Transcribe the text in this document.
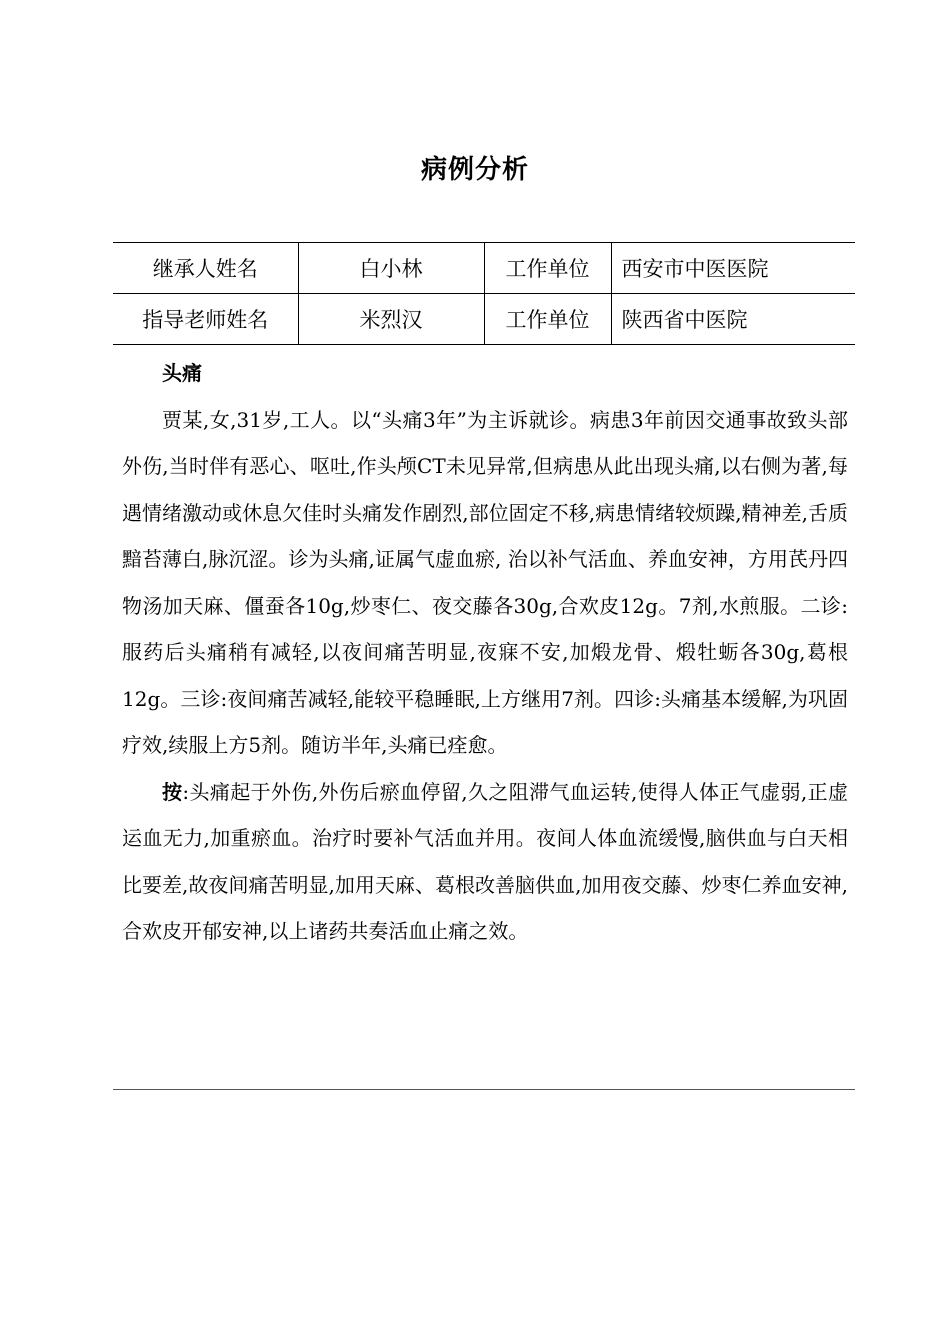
病例分析
继承人姓名	白小林	工作单位	西安市中医医院
指导老师姓名	米烈汉	工作单位	陕西省中医院

头痛

贾某,女,31岁,工人。以“头痛3年”为主诉就诊。病患3年前因交通事故致头部外伤,当时伴有恶心、呕吐,作头颅CT未见异常,但病患从此出现头痛,以右侧为著,每遇情绪激动或休息欠佳时头痛发作剧烈,部位固定不移,病患情绪较烦躁,精神差,舌质黯苔薄白,脉沉涩。诊为头痛,证属气虚血瘀, 治以补气活血、养血安神，方用芪丹四物汤加天麻、僵蚕各10g,炒枣仁、夜交藤各30g,合欢皮12g。7剂,水煎服。二诊:服药后头痛稍有减轻,以夜间痛苦明显,夜寐不安,加煅龙骨、煅牡蛎各30g,葛根12g。三诊:夜间痛苦减轻,能较平稳睡眠,上方继用7剂。四诊:头痛基本缓解,为巩固疗效,续服上方5剂。随访半年,头痛已痊愈。

按:头痛起于外伤,外伤后瘀血停留,久之阻滞气血运转,使得人体正气虚弱,正虚运血无力,加重瘀血。治疗时要补气活血并用。夜间人体血流缓慢,脑供血与白天相比要差,故夜间痛苦明显,加用天麻、葛根改善脑供血,加用夜交藤、炒枣仁养血安神,合欢皮开郁安神,以上诸药共奏活血止痛之效。
